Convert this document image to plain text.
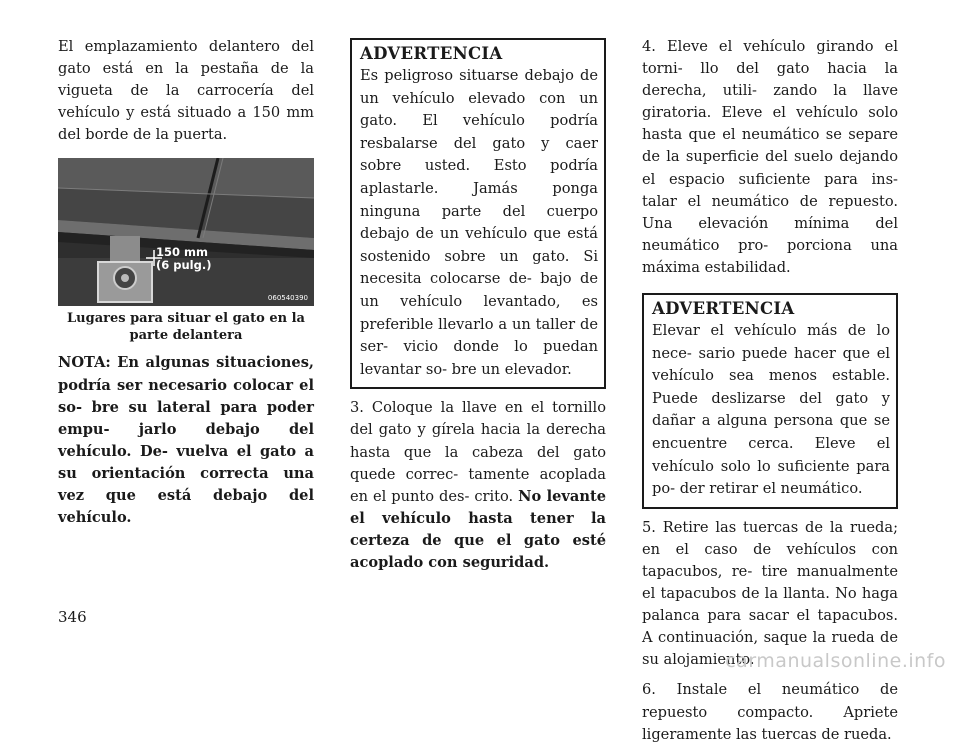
El emplazamiento delantero del gato está en la pestaña de la vigueta de la carrocería del vehículo y está situado a 150 mm del borde de la puerta.

150 mm
(6 pulg.)
060540390
Lugares para situar el gato en la parte delantera

NOTA: En algunas situaciones, podría ser necesario colocar el so- bre su lateral para poder empu- jarlo debajo del vehículo. De- vuelva el gato a su orientación correcta una vez que está debajo del vehículo.

ADVERTENCIA

Es peligroso situarse debajo de un vehículo elevado con un gato. El vehículo podría resbalarse del gato y caer sobre usted. Esto podría aplastarle. Jamás ponga ninguna parte del cuerpo debajo de un vehículo que está sostenido sobre un gato. Si necesita colocarse de- bajo de un vehículo levantado, es preferible llevarlo a un taller de ser- vicio donde lo puedan levantar so- bre un elevador.

3. Coloque la llave en el tornillo del gato y gírela hacia la derecha hasta que la cabeza del gato quede correc- tamente acoplada en el punto des- crito. No levante el vehículo hasta tener la certeza de que el gato esté acoplado con seguridad.

4. Eleve el vehículo girando el torni- llo del gato hacia la derecha, utili- zando la llave giratoria. Eleve el vehículo solo hasta que el neumático se separe de la superficie del suelo dejando el espacio suficiente para ins- talar el neumático de repuesto. Una elevación mínima del neumático pro- porciona una máxima estabilidad.

ADVERTENCIA

Elevar el vehículo más de lo nece- sario puede hacer que el vehículo sea menos estable. Puede deslizarse del gato y dañar a alguna persona que se encuentre cerca. Eleve el vehículo solo lo suficiente para po- der retirar el neumático.

5. Retire las tuercas de la rueda; en el caso de vehículos con tapacubos, re- tire manualmente el tapacubos de la llanta. No haga palanca para sacar el tapacubos. A continuación, saque la rueda de su alojamiento.

6. Instale el neumático de repuesto compacto. Apriete ligeramente las tuercas de rueda.

346
carmanualsonline.info
